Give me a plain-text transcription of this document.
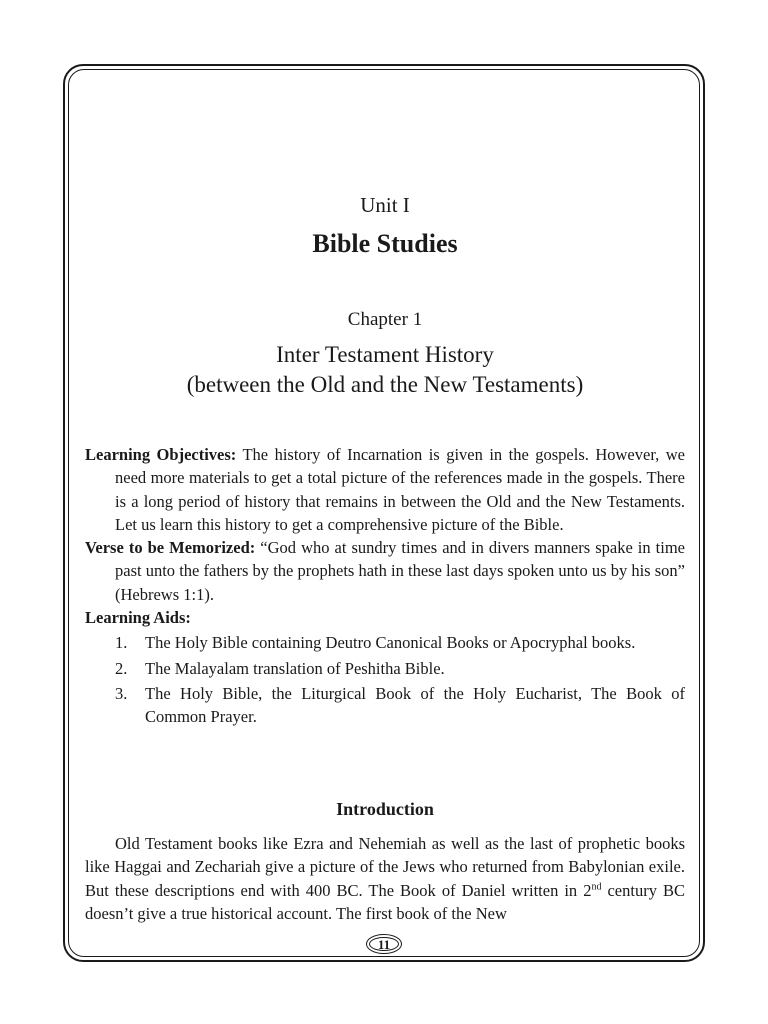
Unit I
Bible Studies
Chapter 1
Inter Testament History
(between the Old and the New Testaments)

Learning Objectives: The history of Incarnation is given in the gospels. However, we need more materials to get a total picture of the references made in the gospels. There is a long period of history that remains in between the Old and the New Testaments. Let us learn this history to get a comprehensive picture of the Bible.

Verse to be Memorized: “God who at sundry times and in divers manners spake in time past unto the fathers by the prophets hath in these last days spoken unto us by his son” (Hebrews 1:1).

Learning Aids:

1. The Holy Bible containing Deutro Canonical Books or Apocryphal books.
2. The Malayalam translation of Peshitha Bible.
3. The Holy Bible, the Liturgical Book of the Holy Eucharist, The Book of Common Prayer.
Introduction

Old Testament books like Ezra and Nehemiah as well as the last of prophetic books like Haggai and Zechariah give a picture of the Jews who returned from Babylonian exile. But these descriptions end with 400 BC. The Book of Daniel written in 2nd century BC doesn’t give a true historical account. The first book of the New

11
